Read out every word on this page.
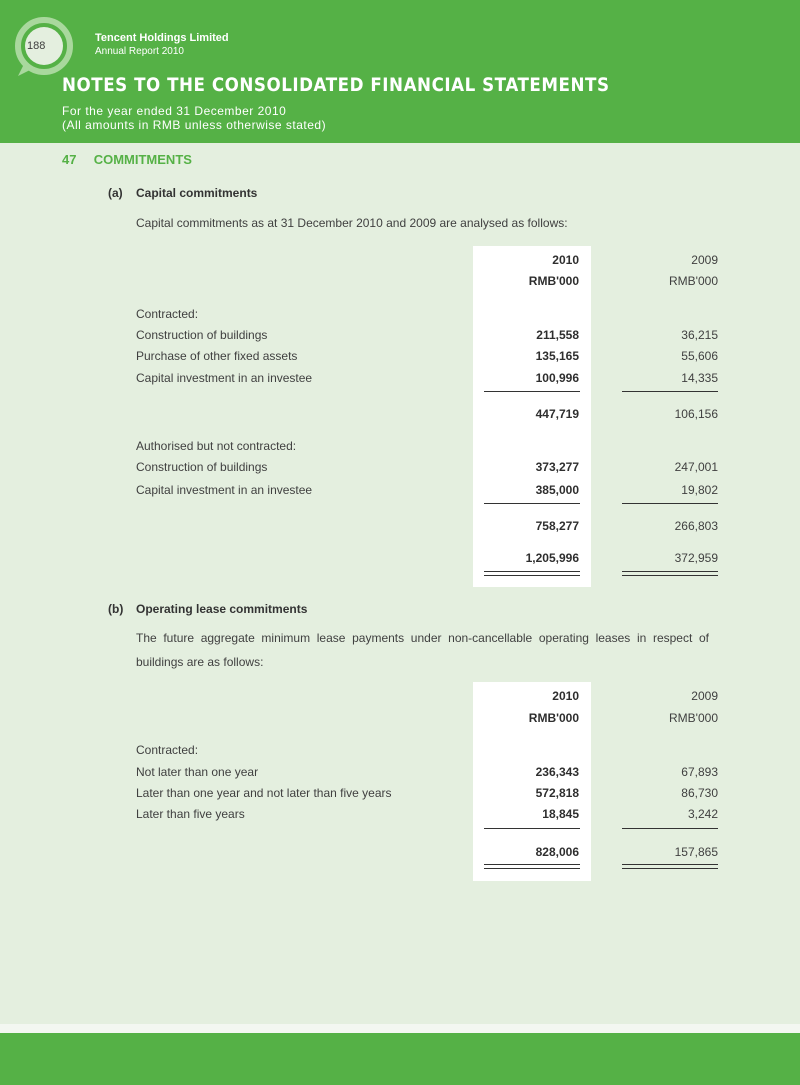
188
Tencent Holdings Limited
Annual Report 2010
NOTES TO THE CONSOLIDATED FINANCIAL STATEMENTS
For the year ended 31 December 2010
(All amounts in RMB unless otherwise stated)
47 COMMITMENTS
(a) Capital commitments
Capital commitments as at 31 December 2010 and 2009 are analysed as follows:
2010	2009
RMB'000	RMB'000
Contracted:
Construction of buildings	211,558	36,215
Purchase of other fixed assets	135,165	55,606
Capital investment in an investee	100,996	14,335
447,719	106,156
Authorised but not contracted:
Construction of buildings	373,277	247,001
Capital investment in an investee	385,000	19,802
758,277	266,803
1,205,996	372,959
(b) Operating lease commitments
The  future  aggregate  minimum  lease  payments  under  non-cancellable  operating  leases  in  respect  of
buildings are as follows:
2010	2009
RMB'000	RMB'000
Contracted:
Not later than one year	236,343	67,893
Later than one year and not later than five years	572,818	86,730
Later than five years	18,845	3,242
828,006	157,865
